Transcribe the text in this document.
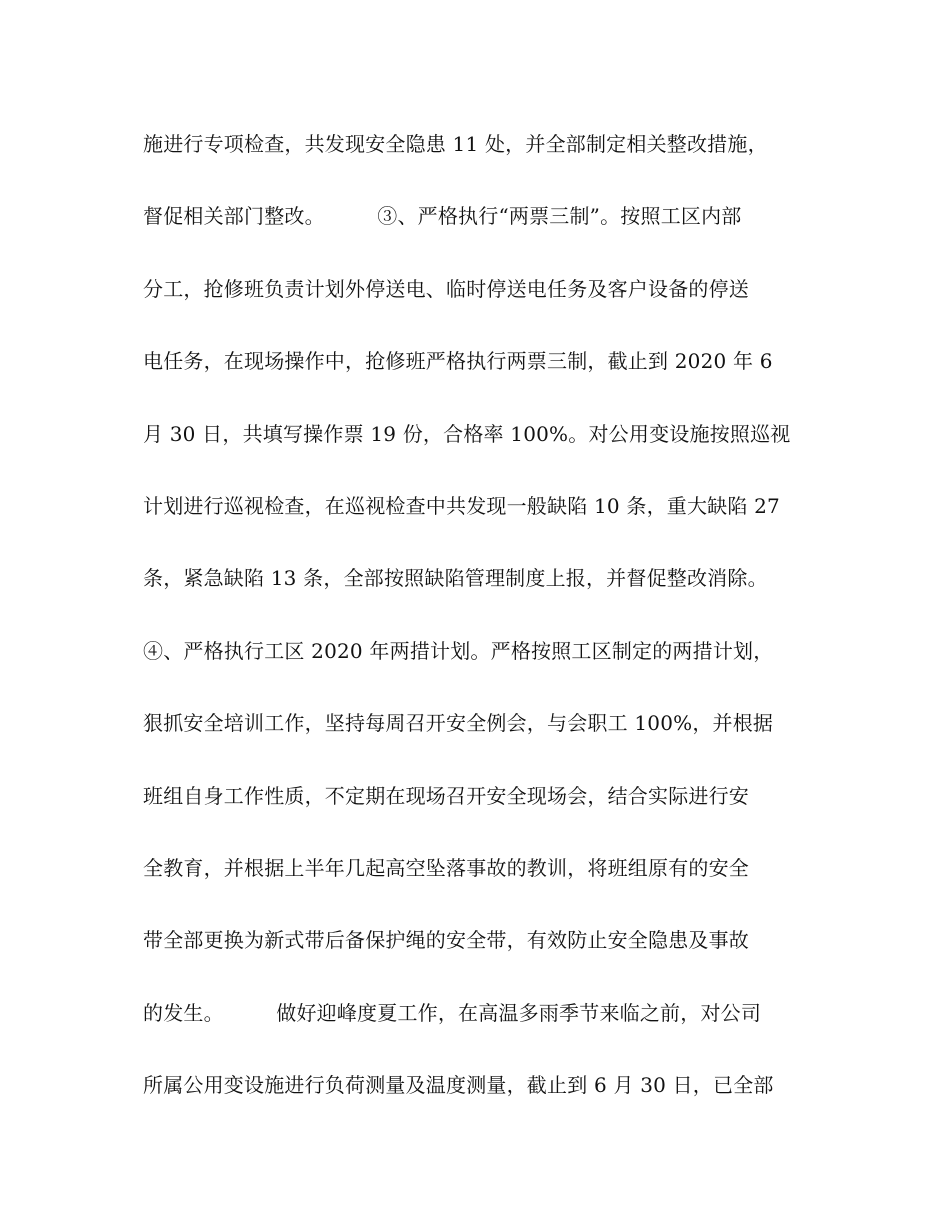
施进行专项检查，共发现安全隐患 11 处，并全部制定相关整改措施，
督促相关部门整改。        ③、严格执行“两票三制”。按照工区内部
分工，抢修班负责计划外停送电、临时停送电任务及客户设备的停送
电任务，在现场操作中，抢修班严格执行两票三制，截止到 2020 年 6
月 30 日，共填写操作票 19 份，合格率 100%。对公用变设施按照巡视
计划进行巡视检查，在巡视检查中共发现一般缺陷 10 条，重大缺陷 27
条，紧急缺陷 13 条，全部按照缺陷管理制度上报，并督促整改消除。
④、严格执行工区 2020 年两措计划。严格按照工区制定的两措计划，
狠抓安全培训工作，坚持每周召开安全例会，与会职工 100%，并根据
班组自身工作性质，不定期在现场召开安全现场会，结合实际进行安
全教育，并根据上半年几起高空坠落事故的教训，将班组原有的安全
带全部更换为新式带后备保护绳的安全带，有效防止安全隐患及事故
的发生。        做好迎峰度夏工作，在高温多雨季节来临之前，对公司
所属公用变设施进行负荷测量及温度测量，截止到 6 月 30 日，已全部
